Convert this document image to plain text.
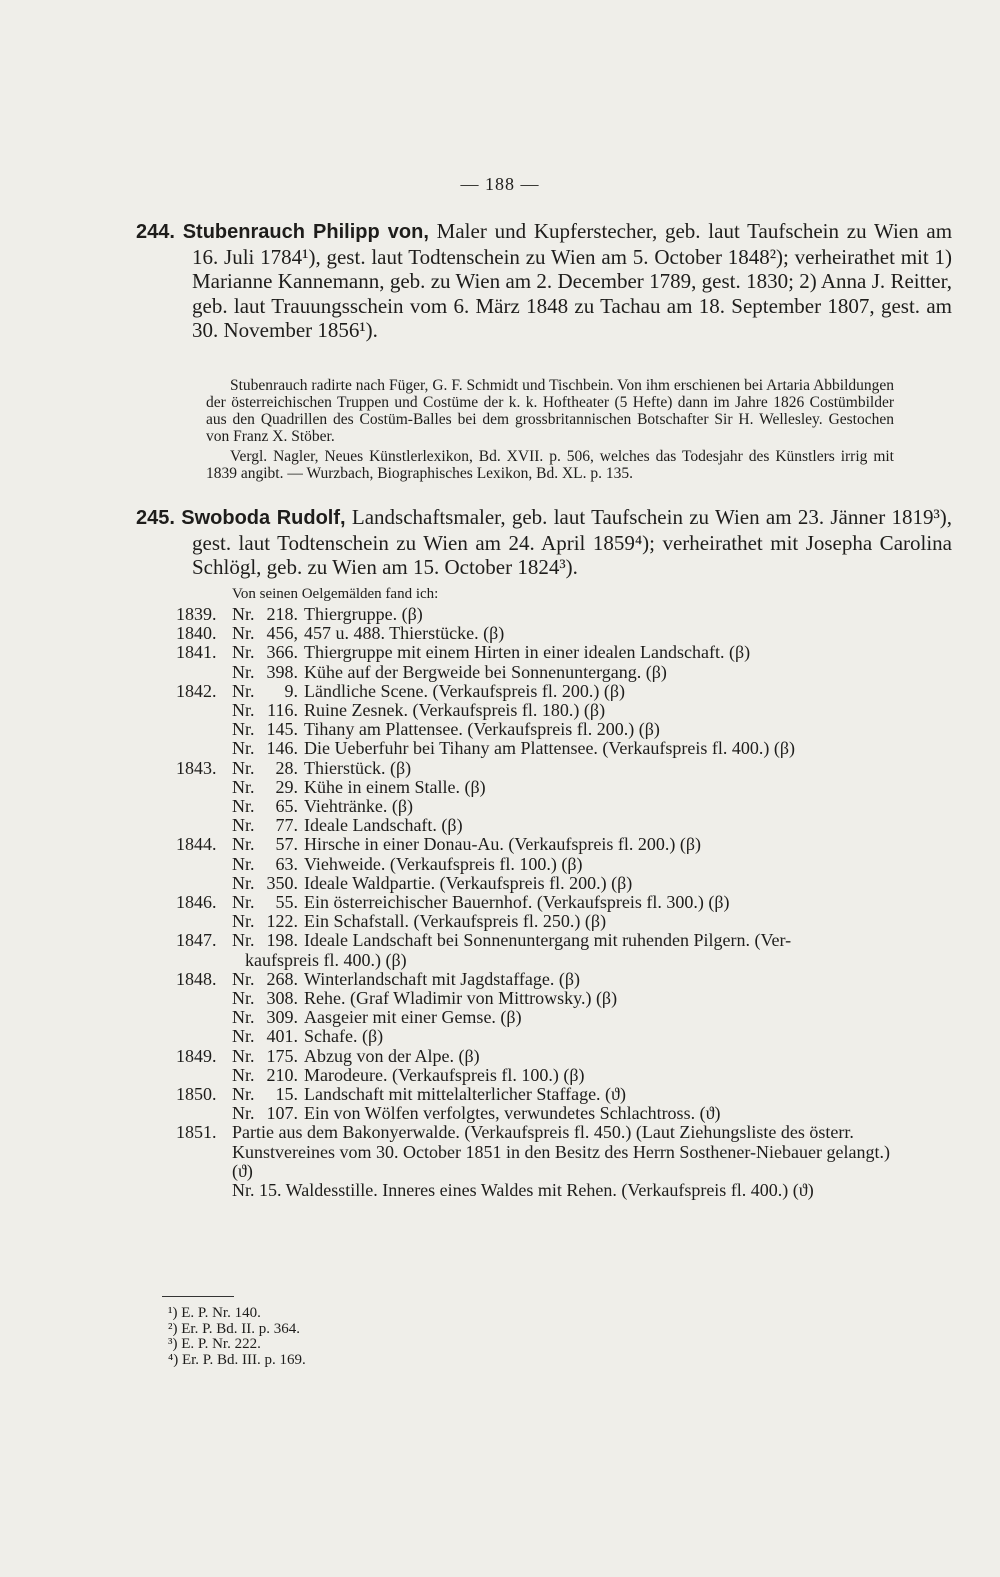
— 188 —
244. Stubenrauch Philipp von, Maler und Kupferstecher, geb. laut Taufschein zu Wien am 16. Juli 1784¹), gest. laut Todtenschein zu Wien am 5. October 1848²); verheirathet mit 1) Marianne Kannemann, geb. zu Wien am 2. December 1789, gest. 1830; 2) Anna J. Reitter, geb. laut Trauungsschein vom 6. März 1848 zu Tachau am 18. September 1807, gest. am 30. November 1856¹).
Stubenrauch radirte nach Füger, G. F. Schmidt und Tischbein. Von ihm erschienen bei Artaria Abbildungen der österreichischen Truppen und Costüme der k. k. Hoftheater (5 Hefte) dann im Jahre 1826 Costümbilder aus den Quadrillen des Costüm-Balles bei dem grossbritannischen Botschafter Sir H. Wellesley. Gestochen von Franz X. Stöber.
Vergl. Nagler, Neues Künstlerlexikon, Bd. XVII. p. 506, welches das Todesjahr des Künstlers irrig mit 1839 angibt. — Wurzbach, Biographisches Lexikon, Bd. XL. p. 135.
245. Swoboda Rudolf, Landschaftsmaler, geb. laut Taufschein zu Wien am 23. Jänner 1819³), gest. laut Todtenschein zu Wien am 24. April 1859⁴); verheirathet mit Josepha Carolina Schlögl, geb. zu Wien am 15. October 1824³).
Von seinen Oelgemälden fand ich:
1839. Nr. 218. Thiergruppe. (β)
1840. Nr. 456, 457 u. 488. Thierstücke. (β)
1841. Nr. 366. Thiergruppe mit einem Hirten in einer idealen Landschaft. (β)
Nr. 398. Kühe auf der Bergweide bei Sonnenuntergang. (β)
1842. Nr.	9. Ländliche Scene. (Verkaufspreis fl. 200.) (β)
Nr. 116. Ruine Zesnek. (Verkaufspreis fl. 180.) (β)
Nr. 145. Tihany am Plattensee. (Verkaufspreis fl. 200.) (β)
Nr. 146. Die Ueberfuhr bei Tihany am Plattensee. (Verkaufspreis fl. 400.) (β)
1843. Nr.	28. Thierstück. (β)
Nr.	29. Kühe in einem Stalle. (β)
Nr.	65. Viehtränke. (β)
Nr.	77. Ideale Landschaft. (β)
1844. Nr.	57. Hirsche in einer Donau-Au. (Verkaufspreis fl. 200.) (β)
Nr.	63. Viehweide. (Verkaufspreis fl. 100.) (β)
Nr. 350. Ideale Waldpartie. (Verkaufspreis fl. 200.) (β)
1846. Nr.	55. Ein österreichischer Bauernhof. (Verkaufspreis fl. 300.) (β)
Nr. 122. Ein Schafstall. (Verkaufspreis fl. 250.) (β)
1847. Nr. 198. Ideale Landschaft bei Sonnenuntergang mit ruhenden Pilgern. (Ver-
kaufspreis fl. 400.) (β)
1848. Nr. 268. Winterlandschaft mit Jagdstaffage. (β)
Nr. 308. Rehe. (Graf Wladimir von Mittrowsky.) (β)
Nr. 309. Aasgeier mit einer Gemse. (β)
Nr. 401. Schafe. (β)
1849. Nr. 175. Abzug von der Alpe. (β)
Nr. 210. Marodeure. (Verkaufspreis fl. 100.) (β)
1850. Nr.	15. Landschaft mit mittelalterlicher Staffage. (ϑ)
Nr. 107. Ein von Wölfen verfolgtes, verwundetes Schlachtross. (ϑ)
1851. Partie aus dem Bakonyerwalde. (Verkaufspreis fl. 450.) (Laut Ziehungsliste des österr. Kunstvereines vom 30. October 1851 in den Besitz des Herrn Sosthener-Niebauer gelangt.) (ϑ)
Nr. 15. Waldesstille. Inneres eines Waldes mit Rehen. (Verkaufspreis fl. 400.) (ϑ)
¹) E. P. Nr. 140.
²) Er. P. Bd. II. p. 364.
³) E. P. Nr. 222.
⁴) Er. P. Bd. III. p. 169.
